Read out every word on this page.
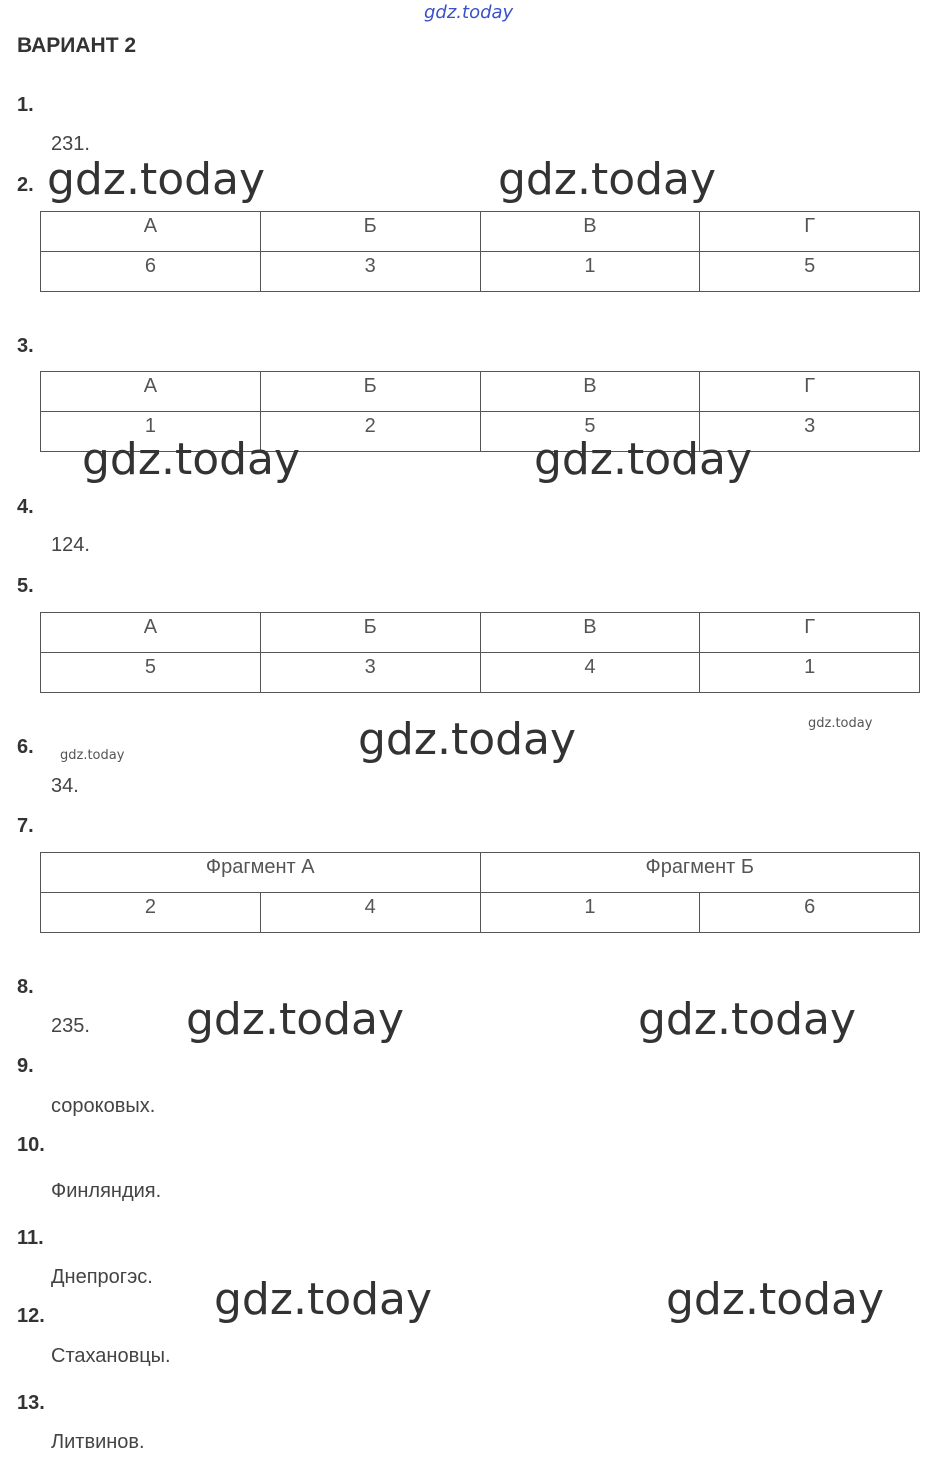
gdz.today
ВАРИАНТ 2
1.
231.
2. gdz.today	gdz.today
А	Б	В	Г
6	3	1	5
3.
А	Б	В	Г
1	2	5	3
gdz.today	gdz.today
4.
124.
5.
А	Б	В	Г
5	3	4	1
gdz.today
gdz.today
6. gdz.today
34.
7.
Фрагмент А		Фрагмент Б	
2	4	1	6
8.
gdz.today	gdz.today
235.
9.
сороковых.
10.
Финляндия.
11.
Днепрогэс. gdz.today	gdz.today
12.
Стахановцы.
13.
Литвинов.
